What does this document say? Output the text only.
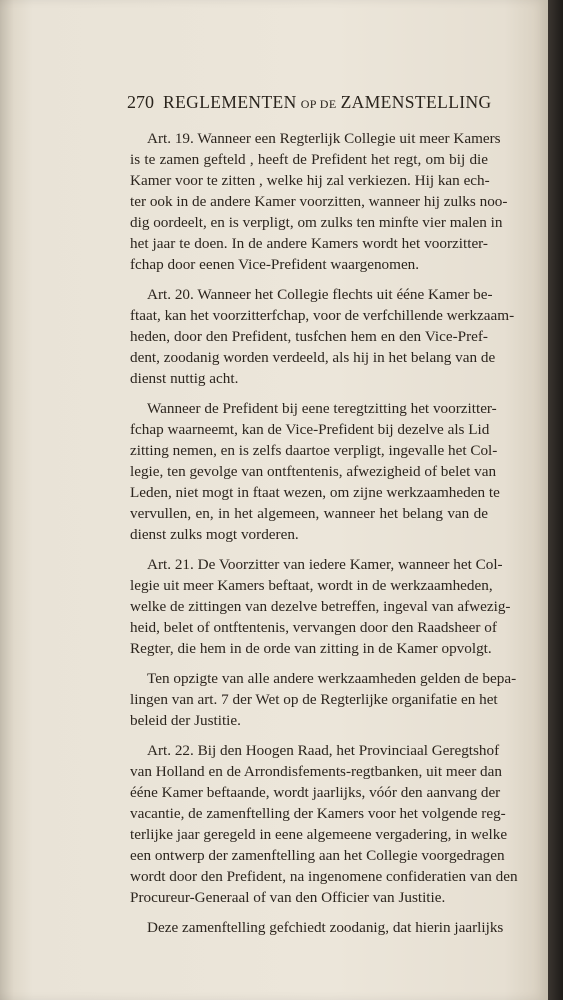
270 REGLEMENTEN OP DE ZAMENSTELLING
Art. 19. Wanneer een Regterlijk Collegie uit meer Kamers
is te zamen gefteld , heeft de Prefident het regt, om bij die
Kamer voor te zitten , welke hij zal verkiezen. Hij kan ech-
ter ook in de andere Kamer voorzitten, wanneer hij zulks noo-
dig oordeelt, en is verpligt, om zulks ten minfte vier malen in
het jaar te doen. In de andere Kamers wordt het voorzitter-
fchap door eenen Vice-Prefident waargenomen.
Art. 20. Wanneer het Collegie flechts uit ééne Kamer be-
ftaat, kan het voorzitterfchap, voor de verfchillende werkzaam-
heden, door den Prefident, tusfchen hem en den Vice-Pref-
dent, zoodanig worden verdeeld, als hij in het belang van de
dienst nuttig acht.
Wanneer de Prefident bij eene teregtzitting het voorzitter-
fchap waarneemt, kan de Vice-Prefident bij dezelve als Lid
zitting nemen, en is zelfs daartoe verpligt, ingevalle het Col-
legie, ten gevolge van ontftentenis, afwezigheid of belet van
Leden, niet mogt in ftaat wezen, om zijne werkzaamheden te
vervullen, en, in het algemeen, wanneer het belang van de
dienst zulks mogt vorderen.
Art. 21. De Voorzitter van iedere Kamer, wanneer het Col-
legie uit meer Kamers beftaat, wordt in de werkzaamheden,
welke de zittingen van dezelve betreffen, ingeval van afwezig-
heid, belet of ontftentenis, vervangen door den Raadsheer of
Regter, die hem in de orde van zitting in de Kamer opvolgt.
Ten opzigte van alle andere werkzaamheden gelden de bepa-
lingen van art. 7 der Wet op de Regterlijke organifatie en het
beleid der Justitie.
Art. 22. Bij den Hoogen Raad, het Provinciaal Geregtshof
van Holland en de Arrondisfements-regtbanken, uit meer dan
ééne Kamer beftaande, wordt jaarlijks, vóór den aanvang der
vacantie, de zamenftelling der Kamers voor het volgende reg-
terlijke jaar geregeld in eene algemeene vergadering, in welke
een ontwerp der zamenftelling aan het Collegie voorgedragen
wordt door den Prefident, na ingenomene confideratien van den
Procureur-Generaal of van den Officier van Justitie.
Deze zamenftelling gefchiedt zoodanig, dat hierin jaarlijks
